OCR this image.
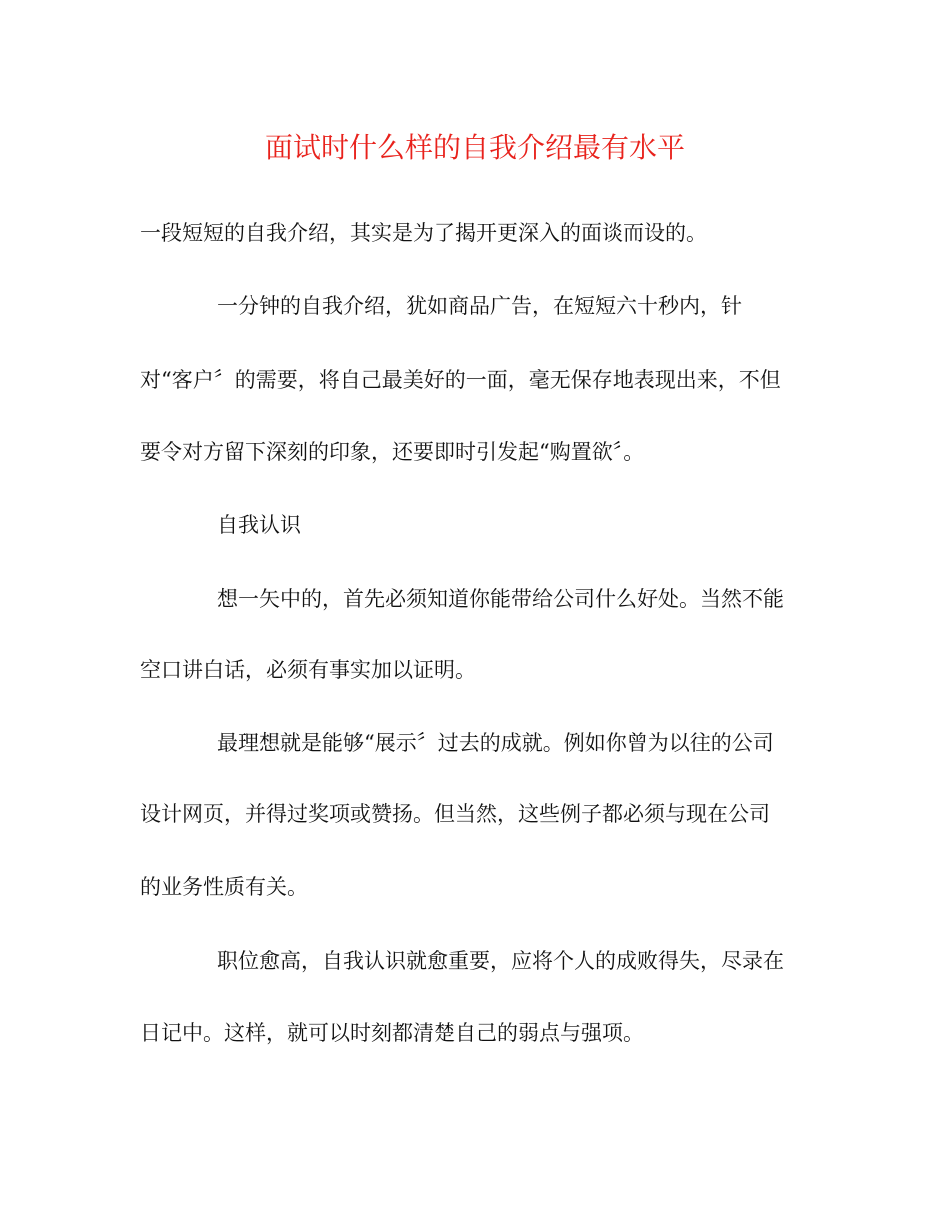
面试时什么样的自我介绍最有水平

一段短短的自我介绍，其实是为了揭开更深入的面谈而设的。

一分钟的自我介绍，犹如商品广告，在短短六十秒内，针

对“客户〞的需要，将自己最美好的一面，毫无保存地表现出来，不但

要令对方留下深刻的印象，还要即时引发起“购置欲〞。

自我认识

想一矢中的，首先必须知道你能带给公司什么好处。当然不能

空口讲白话，必须有事实加以证明。

最理想就是能够“展示〞过去的成就。例如你曾为以往的公司

设计网页，并得过奖项或赞扬。但当然，这些例子都必须与现在公司

的业务性质有关。

职位愈高，自我认识就愈重要，应将个人的成败得失，尽录在

日记中。这样，就可以时刻都清楚自己的弱点与强项。
